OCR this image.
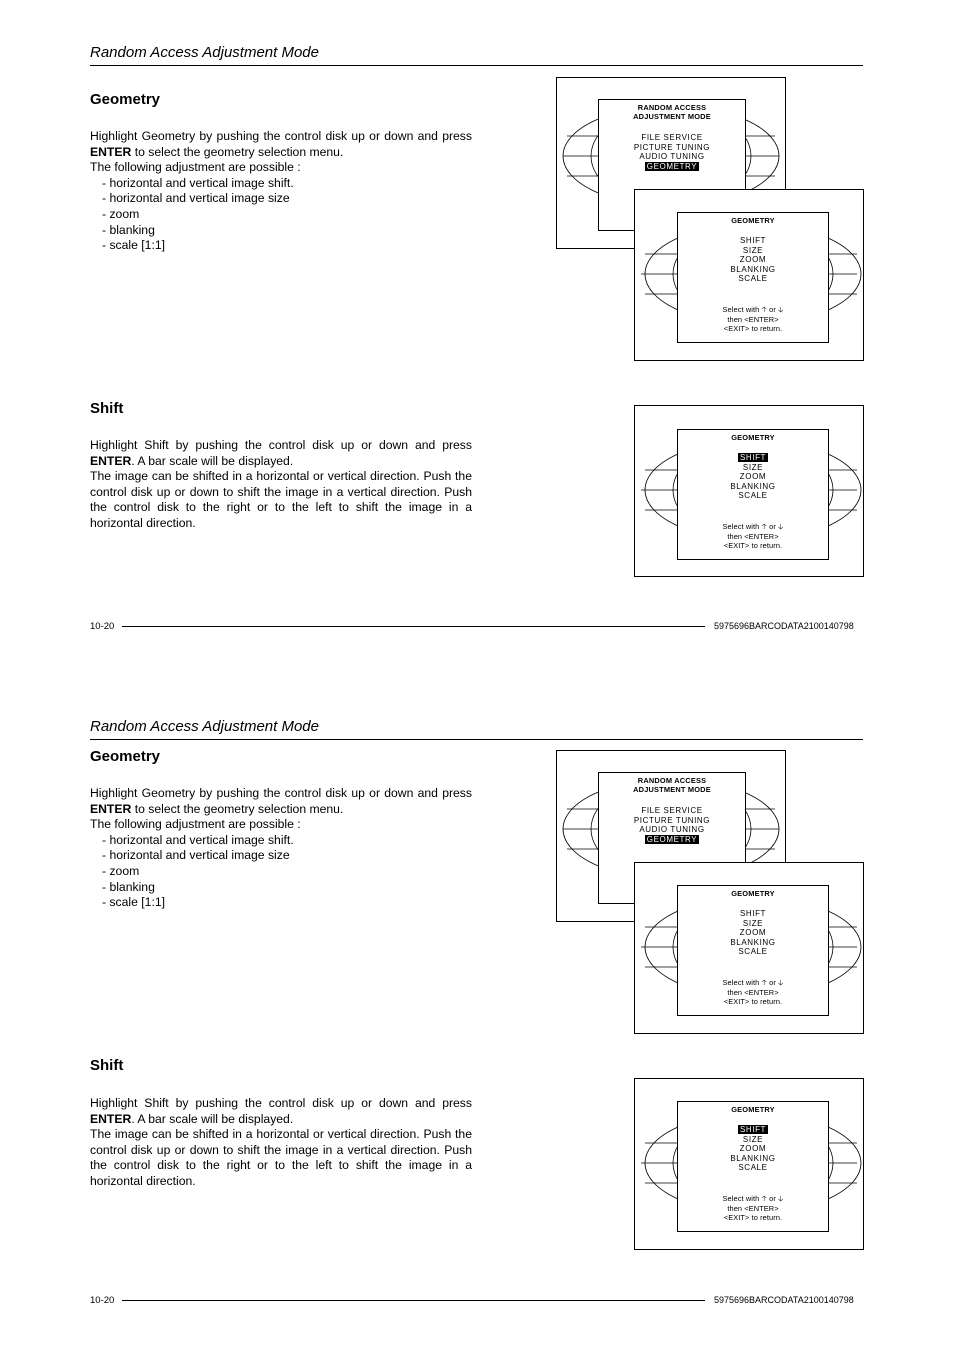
Random Access Adjustment Mode
Geometry

Highlight Geometry by pushing the control disk up or down and press ENTER to select the geometry selection menu.

The following adjustment are possible :
- horizontal and vertical image shift.
- horizontal and vertical image size
- zoom
- blanking
- scale [1:1]
RANDOM ACCESS
ADJUSTMENT MODE
FILE SERVICE
PICTURE TUNING
AUDIO TUNING
GEOMETRY
GEOMETRY
SHIFT
SIZE
ZOOM
BLANKING
SCALE
Select with 🡡 or 🡣
then <ENTER>
<EXIT> to return.
Shift

Highlight Shift by pushing the control disk up or down and press

ENTER. A bar scale will be displayed.

The image can be shifted in a horizontal or vertical direction. Push the control disk up or down to shift the image in a vertical direction. Push the control disk to the right or to the left to shift the image in a horizontal direction.

GEOMETRY
SHIFT
SIZE
ZOOM
BLANKING
SCALE
Select with 🡡 or 🡣
then <ENTER>
<EXIT> to return.
10-20	5975696BARCODATA2100140798
Random Access Adjustment Mode
Geometry

Highlight Geometry by pushing the control disk up or down and press ENTER to select the geometry selection menu.

The following adjustment are possible :
- horizontal and vertical image shift.
- horizontal and vertical image size
- zoom
- blanking
- scale [1:1]
RANDOM ACCESS
ADJUSTMENT MODE
FILE SERVICE
PICTURE TUNING
AUDIO TUNING
GEOMETRY
GEOMETRY
SHIFT
SIZE
ZOOM
BLANKING
SCALE
Select with 🡡 or 🡣
then <ENTER>
<EXIT> to return.
Shift

Highlight Shift by pushing the control disk up or down and press

ENTER. A bar scale will be displayed.

The image can be shifted in a horizontal or vertical direction. Push the control disk up or down to shift the image in a vertical direction. Push the control disk to the right or to the left to shift the image in a horizontal direction.

GEOMETRY
SHIFT
SIZE
ZOOM
BLANKING
SCALE
Select with 🡡 or 🡣
then <ENTER>
<EXIT> to return.
10-20	5975696BARCODATA2100140798
